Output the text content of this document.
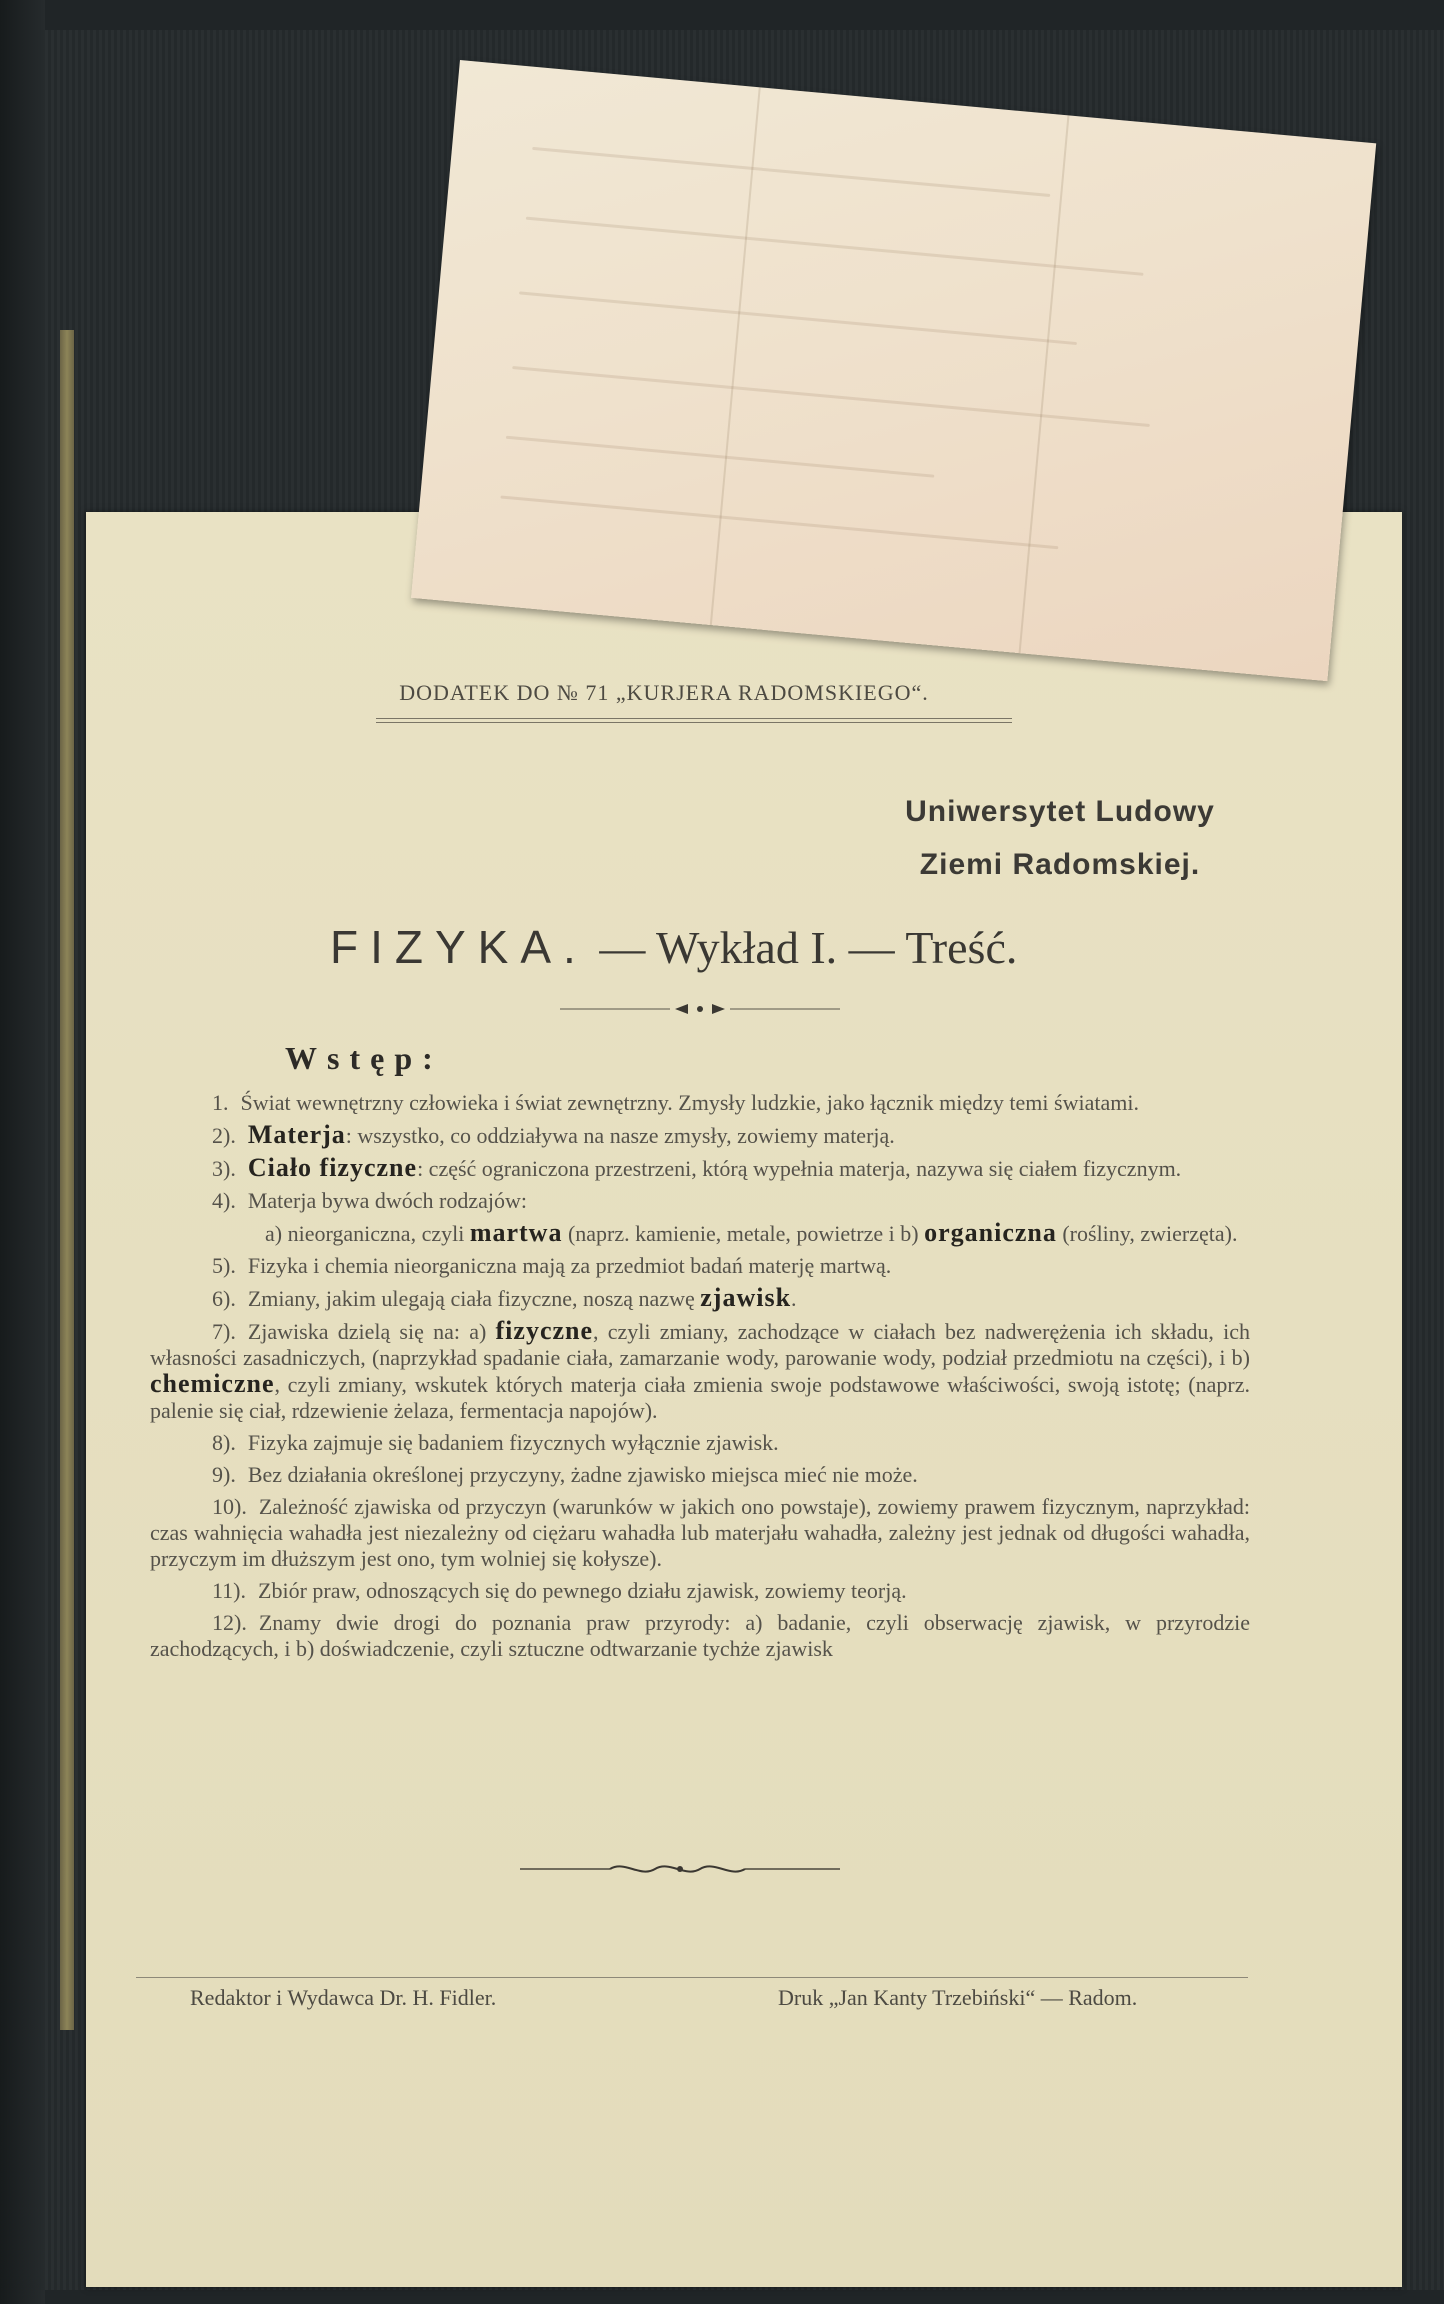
DODATEK DO № 71 „KURJERA RADOMSKIEGO“.
Uniwersytet Ludowy
Ziemi Radomskiej.
FIZYKA. — Wykład I. — Treść.
Wstęp:

1. Świat wewnętrzny człowieka i świat zewnętrzny. Zmysły ludzkie, jako łącznik między temi światami.

2). Materja: wszystko, co oddziaływa na nasze zmysły, zowiemy materją.

3). Ciało fizyczne: część ograniczona przestrzeni, którą wypełnia materja, nazywa się ciałem fizycznym.

4). Materja bywa dwóch rodzajów:

a) nieorganiczna, czyli martwa (naprz. kamienie, metale, powietrze i b) organiczna (rośliny, zwierzęta).

5). Fizyka i chemia nieorganiczna mają za przedmiot badań materję martwą.

6). Zmiany, jakim ulegają ciała fizyczne, noszą nazwę zjawisk.

7). Zjawiska dzielą się na: a) fizyczne, czyli zmiany, zachodzące w ciałach bez nadwerężenia ich składu, ich własności zasadniczych, (naprzykład spadanie ciała, zamarzanie wody, parowanie wody, podział przedmiotu na części), i b) chemiczne, czyli zmiany, wskutek których materja ciała zmienia swoje podstawowe właściwości, swoją istotę; (naprz. palenie się ciał, rdzewienie żelaza, fermentacja napojów).

8). Fizyka zajmuje się badaniem fizycznych wyłącznie zjawisk.

9). Bez działania określonej przyczyny, żadne zjawisko miejsca mieć nie może.

10). Zależność zjawiska od przyczyn (warunków w jakich ono powstaje), zowiemy prawem fizycznym, naprzykład: czas wahnięcia wahadła jest niezależny od ciężaru wahadła lub materjału wahadła, zależny jest jednak od długości wahadła, przyczym im dłuższym jest ono, tym wolniej się kołysze).

11). Zbiór praw, odnoszących się do pewnego działu zjawisk, zowiemy teorją.

12). Znamy dwie drogi do poznania praw przyrody: a) badanie, czyli obserwację zjawisk, w przyrodzie zachodzących, i b) doświadczenie, czyli sztuczne odtwarzanie tychże zjawisk

Redaktor i Wydawca Dr. H. Fidler.	Druk „Jan Kanty Trzebiński“ — Radom.
